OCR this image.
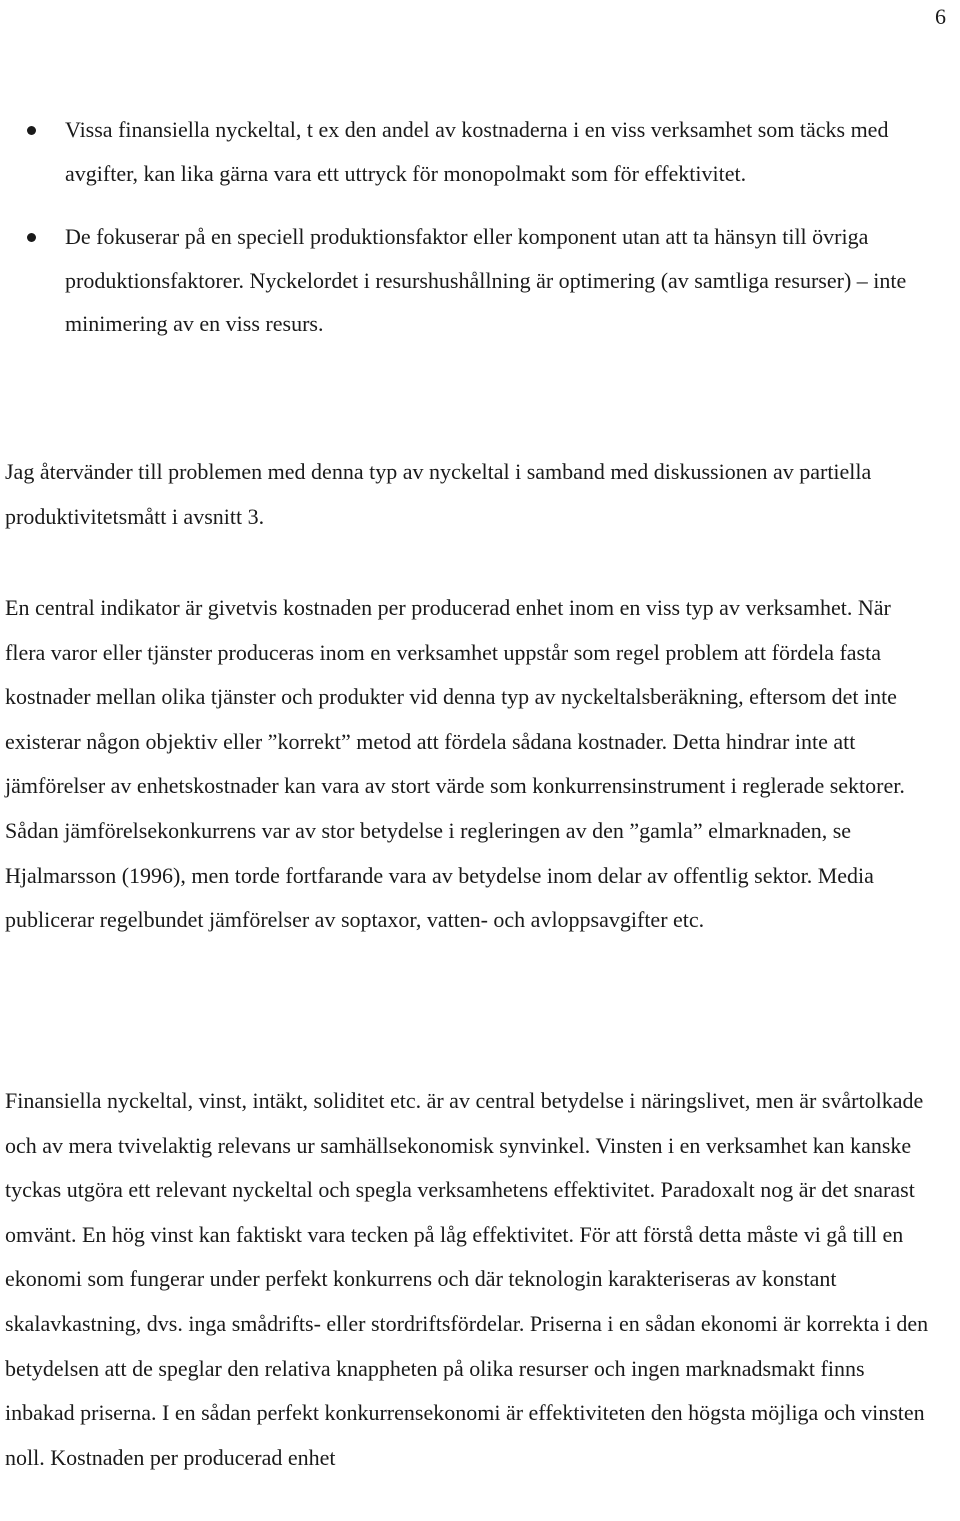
6
Vissa finansiella nyckeltal, t ex den andel av kostnaderna i en viss verksamhet som täcks med avgifter, kan lika gärna vara ett uttryck för monopolmakt som för effektivitet.
De fokuserar på en speciell produktionsfaktor eller komponent utan att ta hänsyn till övriga produktionsfaktorer. Nyckelordet i resurshushållning är optimering (av samtliga resurser) – inte minimering av en viss resurs.

Jag återvänder till problemen med denna typ av nyckeltal i samband med diskussionen av partiella produktivitetsmått i avsnitt 3.

En central indikator är givetvis kostnaden per producerad enhet inom en viss typ av verksamhet. När flera varor eller tjänster produceras inom en verksamhet uppstår som regel problem att fördela fasta kostnader mellan olika tjänster och produkter vid denna typ av nyckeltalsberäkning, eftersom det inte existerar någon objektiv eller ”korrekt” metod att fördela sådana kostnader. Detta hindrar inte att jämförelser av enhetskostnader kan vara av stort värde som konkurrensinstrument i reglerade sektorer. Sådan jämförelsekonkurrens var av stor betydelse i regleringen av den ”gamla” elmarknaden, se Hjalmarsson (1996), men torde fortfarande vara av betydelse inom delar av offentlig sektor. Media publicerar regelbundet jämförelser av soptaxor, vatten- och avloppsavgifter etc.

Finansiella nyckeltal, vinst, intäkt, soliditet etc. är av central betydelse i näringslivet, men är svårtolkade och av mera tvivelaktig relevans ur samhällsekonomisk synvinkel. Vinsten i en verksamhet kan kanske tyckas utgöra ett relevant nyckeltal och spegla verksamhetens effektivitet. Paradoxalt nog är det snarast omvänt. En hög vinst kan faktiskt vara tecken på låg effektivitet. För att förstå detta måste vi gå till en ekonomi som fungerar under perfekt konkurrens och där teknologin karakteriseras av konstant skalavkastning, dvs. inga smådrifts- eller stordriftsfördelar. Priserna i en sådan ekonomi är korrekta i den betydelsen att de speglar den relativa knappheten på olika resurser och ingen marknadsmakt finns inbakad priserna. I en sådan perfekt konkurrensekonomi är effektiviteten den högsta möjliga och vinsten noll. Kostnaden per producerad enhet
